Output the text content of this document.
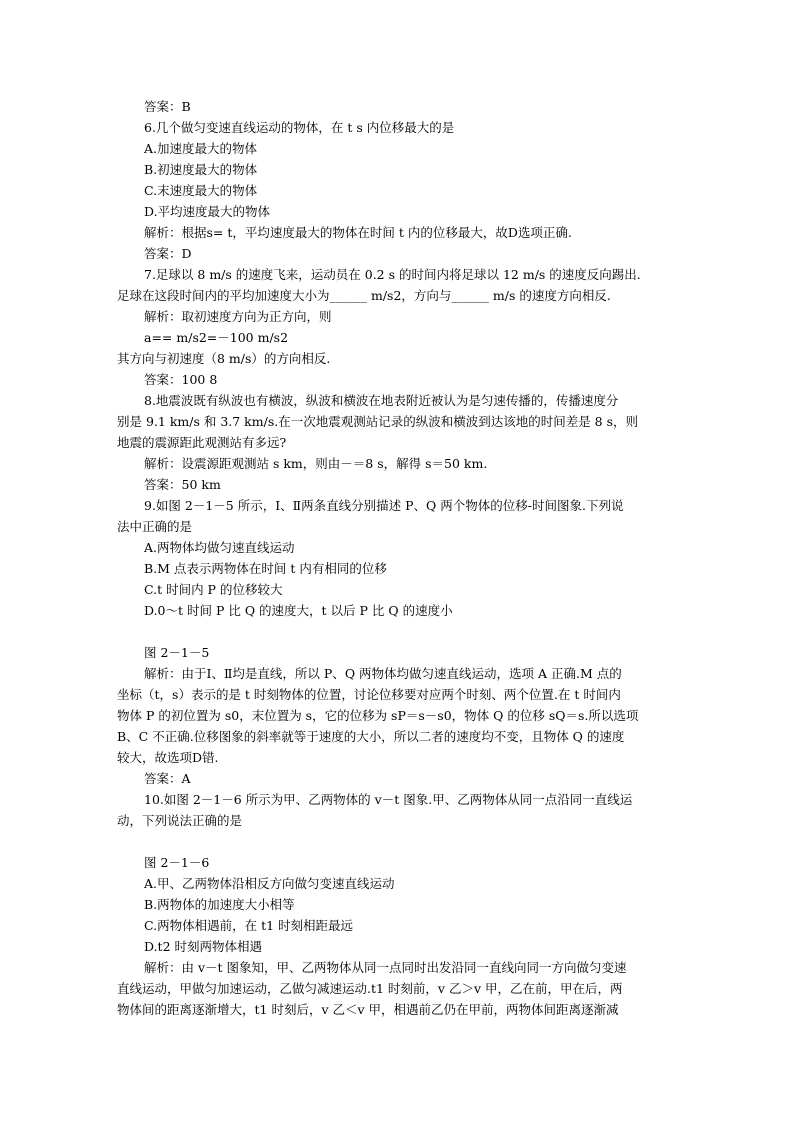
答案：B
6.几个做匀变速直线运动的物体，在 t s 内位移最大的是
A.加速度最大的物体
B.初速度最大的物体
C.末速度最大的物体
D.平均速度最大的物体
解析：根据s= t，平均速度最大的物体在时间 t 内的位移最大，故D选项正确.
答案：D
7.足球以 8 m/s 的速度飞来，运动员在 0.2 s 的时间内将足球以 12 m/s 的速度反向踢出.
足球在这段时间内的平均加速度大小为______ m/s2，方向与______ m/s 的速度方向相反.
解析：取初速度方向为正方向，则
a== m/s2=－100 m/s2
其方向与初速度（8 m/s）的方向相反.
答案：100 8
8.地震波既有纵波也有横波，纵波和横波在地表附近被认为是匀速传播的，传播速度分
别是 9.1 km/s 和 3.7 km/s.在一次地震观测站记录的纵波和横波到达该地的时间差是 8 s，则
地震的震源距此观测站有多远?
解析：设震源距观测站 s km，则由－＝8 s，解得 s＝50 km.
答案：50 km
9.如图 2－1－5 所示，Ⅰ、Ⅱ两条直线分别描述 P、Q 两个物体的位移-时间图象.下列说
法中正确的是
A.两物体均做匀速直线运动
B.M 点表示两物体在时间 t 内有相同的位移
C.t 时间内 P 的位移较大
D.0～t 时间 P 比 Q 的速度大，t 以后 P 比 Q 的速度小
图 2－1－5
解析：由于Ⅰ、Ⅱ均是直线，所以 P、Q 两物体均做匀速直线运动，选项 A 正确.M 点的
坐标（t，s）表示的是 t 时刻物体的位置，讨论位移要对应两个时刻、两个位置.在 t 时间内
物体 P 的初位置为 s0，末位置为 s，它的位移为 sP＝s－s0，物体 Q 的位移 sQ＝s.所以选项
B、C 不正确.位移图象的斜率就等于速度的大小，所以二者的速度均不变，且物体 Q 的速度
较大，故选项D错.
答案：A
10.如图 2－1－6 所示为甲、乙两物体的 v－t 图象.甲、乙两物体从同一点沿同一直线运
动，下列说法正确的是
图 2－1－6
A.甲、乙两物体沿相反方向做匀变速直线运动
B.两物体的加速度大小相等
C.两物体相遇前，在 t1 时刻相距最远
D.t2 时刻两物体相遇
解析：由 v－t 图象知，甲、乙两物体从同一点同时出发沿同一直线向同一方向做匀变速
直线运动，甲做匀加速运动，乙做匀减速运动.t1 时刻前，v 乙＞v 甲，乙在前，甲在后，两
物体间的距离逐渐增大，t1 时刻后，v 乙＜v 甲，相遇前乙仍在甲前，两物体间距离逐渐减
